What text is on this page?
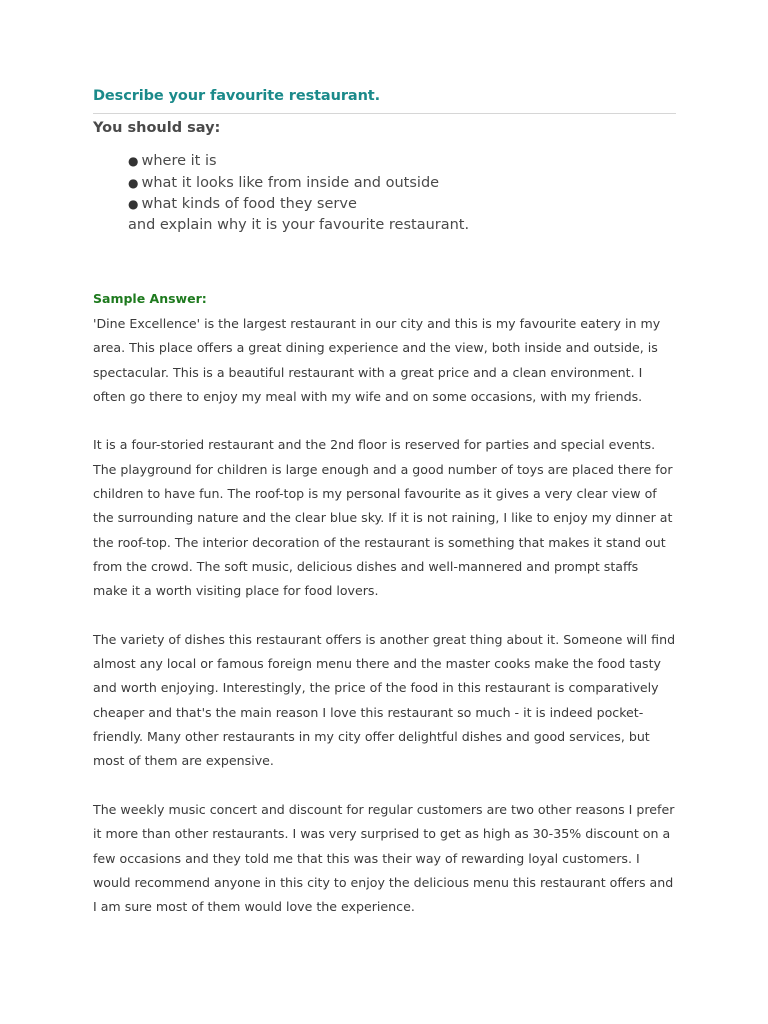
Describe your favourite restaurant.
You should say:
● where it is
● what it looks like from inside and outside
● what kinds of food they serve
and explain why it is your favourite restaurant.
Sample Answer:

'Dine Excellence' is the largest restaurant in our city and this is my favourite eatery in my area. This place offers a great dining experience and the view, both inside and outside, is spectacular. This is a beautiful restaurant with a great price and a clean environment. I often go there to enjoy my meal with my wife and on some occasions, with my friends.

It is a four-storied restaurant and the 2nd floor is reserved for parties and special events. The playground for children is large enough and a good number of toys are placed there for children to have fun. The roof-top is my personal favourite as it gives a very clear view of the surrounding nature and the clear blue sky. If it is not raining, I like to enjoy my dinner at the roof-top. The interior decoration of the restaurant is something that makes it stand out from the crowd. The soft music, delicious dishes and well-mannered and prompt staffs make it a worth visiting place for food lovers.

The variety of dishes this restaurant offers is another great thing about it. Someone will find almost any local or famous foreign menu there and the master cooks make the food tasty and worth enjoying. Interestingly, the price of the food in this restaurant is comparatively cheaper and that's the main reason I love this restaurant so much - it is indeed pocket-friendly. Many other restaurants in my city offer delightful dishes and good services, but most of them are expensive.

The weekly music concert and discount for regular customers are two other reasons I prefer it more than other restaurants. I was very surprised to get as high as 30-35% discount on a few occasions and they told me that this was their way of rewarding loyal customers. I would recommend anyone in this city to enjoy the delicious menu this restaurant offers and I am sure most of them would love the experience.
